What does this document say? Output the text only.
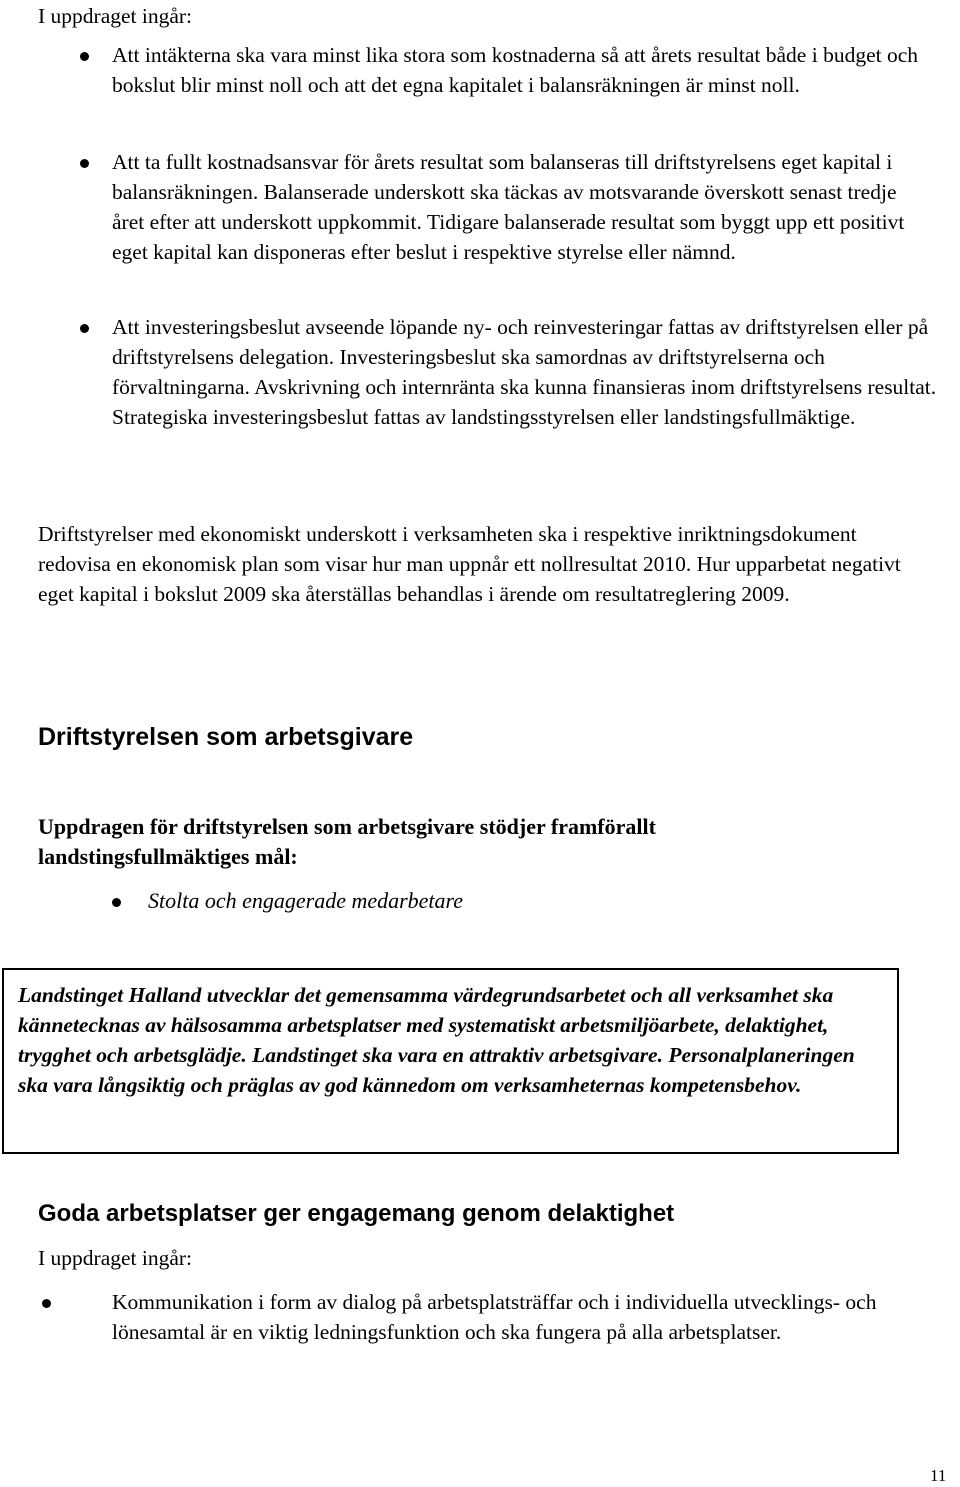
I uppdraget ingår:
Att intäkterna ska vara minst lika stora som kostnaderna så att årets resultat både i budget och bokslut blir minst noll och att det egna kapitalet i balansräkningen är minst noll.
Att ta fullt kostnadsansvar för årets resultat som balanseras till driftstyrelsens eget kapital i balansräkningen. Balanserade underskott ska täckas av motsvarande överskott senast tredje året efter att underskott uppkommit. Tidigare balanserade resultat som byggt upp ett positivt eget kapital kan disponeras efter beslut i respektive styrelse eller nämnd.
Att investeringsbeslut avseende löpande ny- och reinvesteringar fattas av driftstyrelsen eller på driftstyrelsens delegation. Investeringsbeslut ska samordnas av driftstyrelserna och förvaltningarna. Avskrivning och internränta ska kunna finansieras inom driftstyrelsens resultat. Strategiska investeringsbeslut fattas av landstingsstyrelsen eller landstingsfullmäktige.
Driftstyrelser med ekonomiskt underskott i verksamheten ska i respektive inriktningsdokument redovisa en ekonomisk plan som visar hur man uppnår ett nollresultat 2010. Hur upparbetat negativt eget kapital i bokslut 2009 ska återställas behandlas i ärende om resultatreglering 2009.
Driftstyrelsen som arbetsgivare
Uppdragen för driftstyrelsen som arbetsgivare stödjer framförallt landstingsfullmäktiges mål:
Stolta och engagerade medarbetare
Landstinget Halland utvecklar det gemensamma värdegrundsarbetet och all verksamhet ska kännetecknas av hälsosamma arbetsplatser med systematiskt arbetsmiljöarbete, delaktighet, trygghet och arbetsglädje. Landstinget ska vara en attraktiv arbetsgivare. Personalplaneringen ska vara långsiktig och präglas av god kännedom om verksamheternas kompetensbehov.
Goda arbetsplatser ger engagemang genom delaktighet
I uppdraget ingår:
Kommunikation i form av dialog på arbetsplatsträffar och i individuella utvecklings- och lönesamtal är en viktig ledningsfunktion och ska fungera på alla arbetsplatser.
11
